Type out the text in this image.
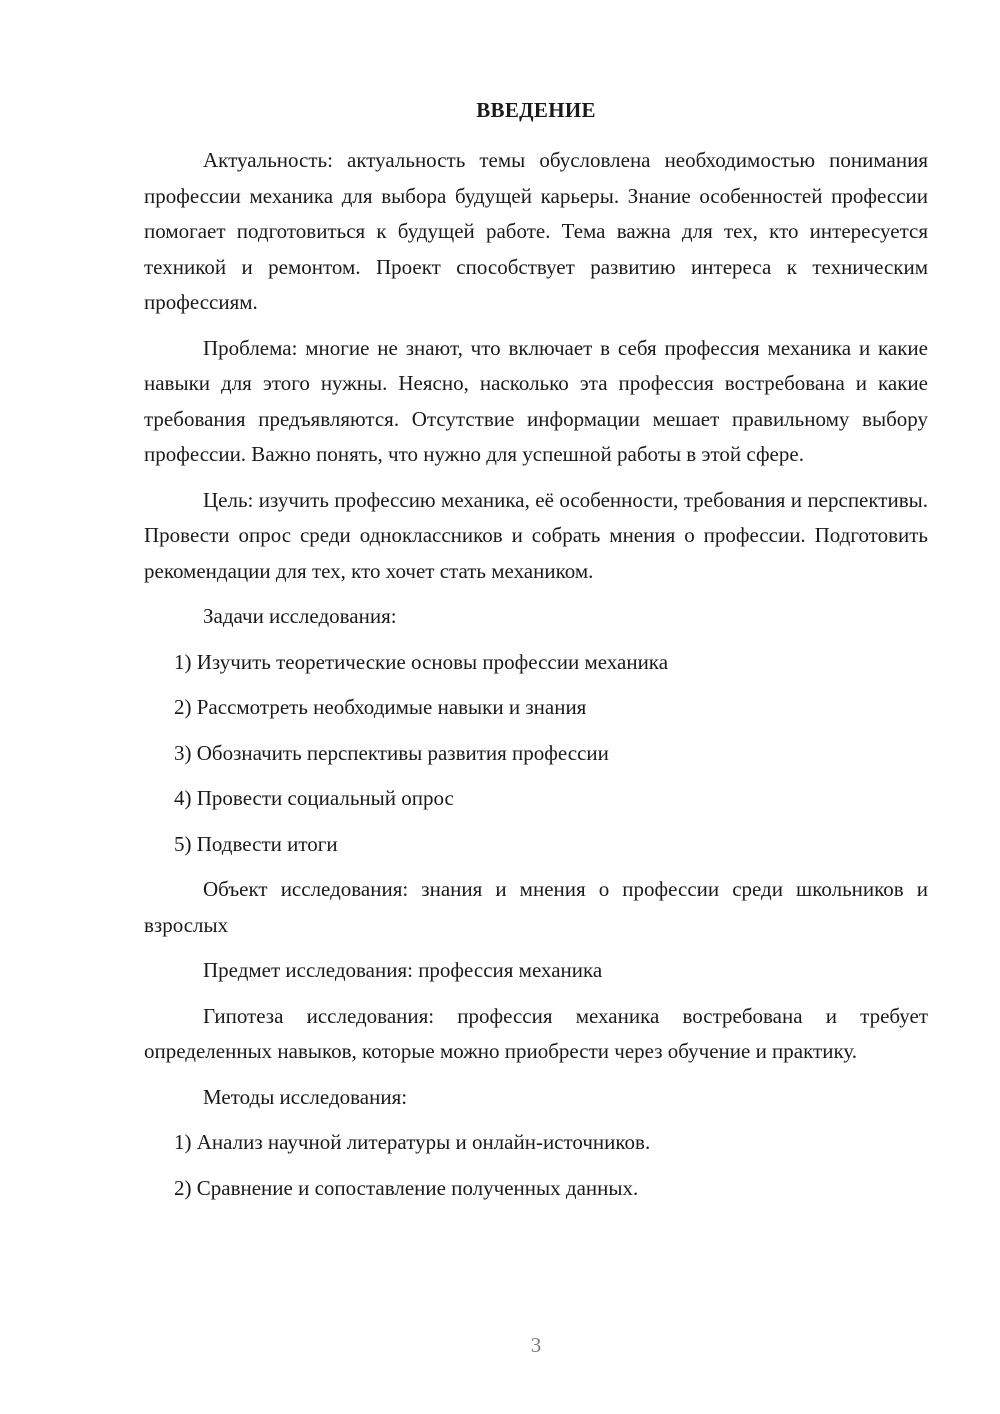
ВВЕДЕНИЕ

Актуальность: актуальность темы обусловлена необходимостью понимания профессии механика для выбора будущей карьеры. Знание особенностей профессии помогает подготовиться к будущей работе. Тема важна для тех, кто интересуется техникой и ремонтом. Проект способствует развитию интереса к техническим профессиям.

Проблема: многие не знают, что включает в себя профессия механика и какие навыки для этого нужны. Неясно, насколько эта профессия востребована и какие требования предъявляются. Отсутствие информации мешает правильному выбору профессии. Важно понять, что нужно для успешной работы в этой сфере.

Цель: изучить профессию механика, её особенности, требования и перспективы. Провести опрос среди одноклассников и собрать мнения о профессии. Подготовить рекомендации для тех, кто хочет стать механиком.

Задачи исследования:
1) Изучить теоретические основы профессии механика
2) Рассмотреть необходимые навыки и знания
3) Обозначить перспективы развития профессии
4) Провести социальный опрос
5) Подвести итоги

Объект исследования: знания и мнения о профессии среди школьников и взрослых

Предмет исследования: профессия механика

Гипотеза исследования: профессия механика востребована и требует определенных навыков, которые можно приобрести через обучение и практику.

Методы исследования:
1) Анализ научной литературы и онлайн-источников.
2) Сравнение и сопоставление полученных данных.
3
